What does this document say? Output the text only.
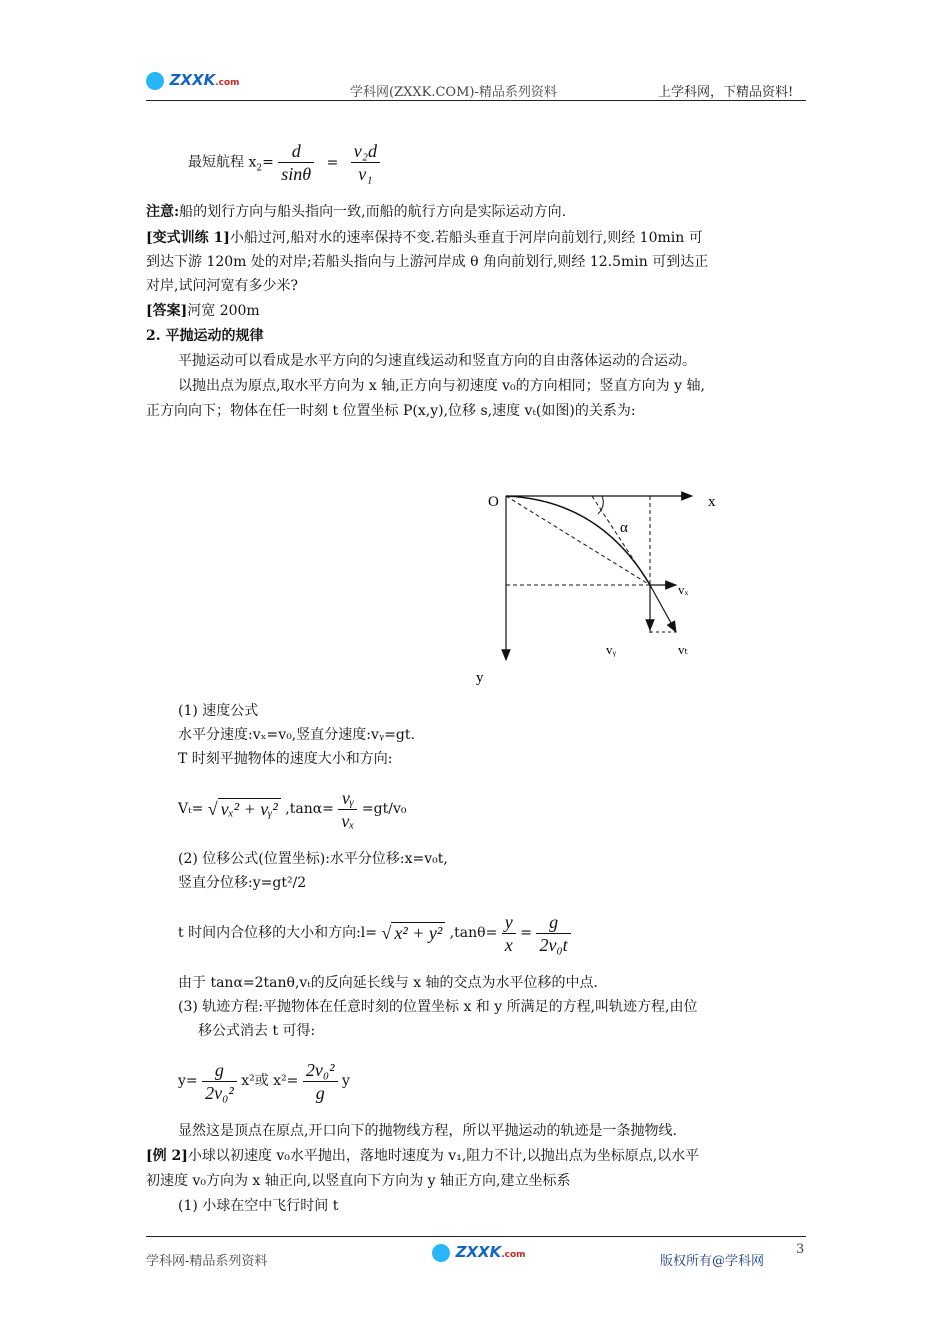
ZXXK.com
学科网(ZXXK.COM)-精品系列资料	上学科网，下精品资料!
最短航程 $x_2= \frac{d}{\sin\theta} = \frac{\text{v₂d}}{\text{v₁}}$
注意:船的划行方向与船头指向一致,而船的航行方向是实际运动方向.
[变式训练 1]小船过河,船对水的速率保持不变.若船头垂直于河岸向前划行,则经 10min 可
到达下游 120m 处的对岸;若船头指向与上游河岸成 θ 角向前划行,则经 12.5min 可到达正
对岸,试问河宽有多少米?
[答案]河宽 200m
2. 平抛运动的规律
平抛运动可以看成是水平方向的匀速直线运动和竖直方向的自由落体运动的合运动。
以抛出点为原点,取水平方向为 x 轴,正方向与初速度 v₀的方向相同；竖直方向为 y 轴,
正方向向下；物体在任一时刻 t 位置坐标 P(x,y),位移 s,速度 vₜ(如图)的关系为:
O	x
y
α
vₓ
vᵧ	vₜ
(1) 速度公式
水平分速度:vₓ=v₀,竖直分速度:vᵧ=gt.
T 时刻平抛物体的速度大小和方向:
Vₜ= √ vₓ² + vᵧ² $,\tan\alpha= \frac{\text{vᵧ}}{\text{vₓ}} =gt/v_0$
(2) 位移公式(位置坐标):水平分位移:x=v₀t,
竖直分位移:y=gt²/2
t 时间内合位移的大小和方向:l= √ x² + y² $,\tan\theta= \frac{y}{x} = \frac{g}{\text{2v₀t}}$
由于 tanα=2tanθ,vₜ的反向延长线与 x 轴的交点为水平位移的中点.
(3) 轨迹方程:平抛物体在任意时刻的位置坐标 x 和 y 所满足的方程,叫轨迹方程,由位
移公式消去 t 可得:
$y= \frac{g}{\text{2v₀²}} x^2$或 $x^2= \frac{\text{2v₀²}}{g}$ y
显然这是顶点在原点,开口向下的抛物线方程，所以平抛运动的轨迹是一条抛物线.
[例 2]小球以初速度 v₀水平抛出，落地时速度为 v₁,阻力不计,以抛出点为坐标原点,以水平
初速度 v₀方向为 x 轴正向,以竖直向下方向为 y 轴正方向,建立坐标系
(1) 小球在空中飞行时间 t
学科网-精品系列资料
ZXXK.com	版权所有@学科网
3
